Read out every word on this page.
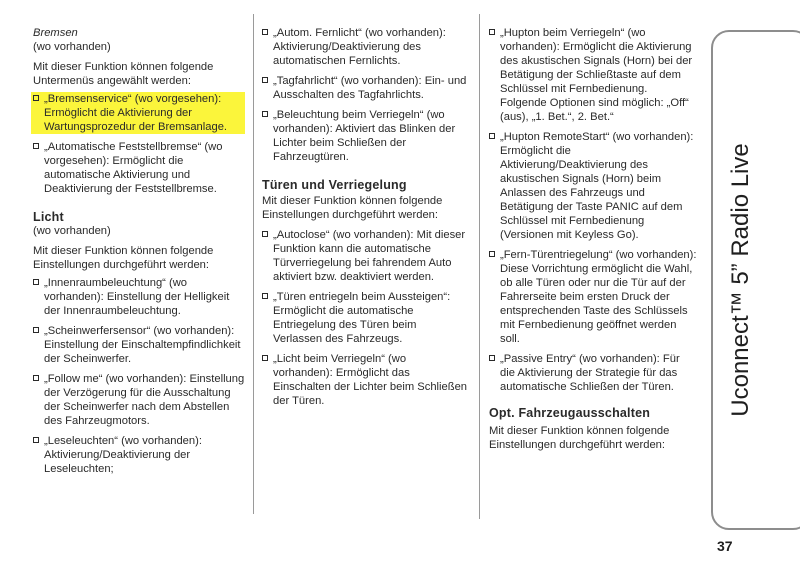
Bremsen
(wo vorhanden)
Mit dieser Funktion können folgende Untermenüs angewählt werden:
„Bremsenservice“ (wo vorgesehen): Ermöglicht die Aktivierung der Wartungsprozedur der Bremsanlage.
„Automatische Feststellbremse“ (wo vorgesehen): Ermöglicht die automatische Aktivierung und Deaktivierung der Feststellbremse.
Licht
(wo vorhanden)
Mit dieser Funktion können folgende Einstellungen durchgeführt werden:
„Innenraumbeleuchtung“ (wo vorhanden): Einstellung der Helligkeit der Innenraumbeleuchtung.
„Scheinwerfersensor“ (wo vorhanden): Einstellung der Einschaltempfindlichkeit der Scheinwerfer.
„Follow me“ (wo vorhanden): Einstellung der Verzögerung für die Ausschaltung der Scheinwerfer nach dem Abstellen des Fahrzeugmotors.
„Leseleuchten“ (wo vorhanden): Aktivierung/Deaktivierung der Leseleuchten;
„Autom. Fernlicht“ (wo vorhanden): Aktivierung/Deaktivierung des automatischen Fernlichts.
„Tagfahrlicht“ (wo vorhanden): Ein- und Ausschalten des Tagfahrlichts.
„Beleuchtung beim Verriegeln“ (wo vorhanden): Aktiviert das Blinken der Lichter beim Schließen der Fahrzeugtüren.
Türen und Verriegelung
Mit dieser Funktion können folgende Einstellungen durchgeführt werden:
„Autoclose“ (wo vorhanden): Mit dieser Funktion kann die automatische Türverriegelung bei fahrendem Auto aktiviert bzw. deaktiviert werden.
„Türen entriegeln beim Aussteigen“: Ermöglicht die automatische Entriegelung des Türen beim Verlassen des Fahrzeugs.
„Licht beim Verriegeln“ (wo vorhanden): Ermöglicht das Einschalten der Lichter beim Schließen der Türen.
„Hupton beim Verriegeln“ (wo vorhanden): Ermöglicht die Aktivierung des akustischen Signals (Horn) bei der Betätigung der Schließtaste auf dem Schlüssel mit Fernbedienung. Folgende Optionen sind möglich: „Off“ (aus), „1. Bet.“, 2. Bet.“
„Hupton RemoteStart“ (wo vorhanden): Ermöglicht die Aktivierung/Deaktivierung des akustischen Signals (Horn) beim Anlassen des Fahrzeugs und Betätigung der Taste PANIC auf dem Schlüssel mit Fernbedienung (Versionen mit Keyless Go).
„Fern-Türentriegelung“ (wo vorhanden): Diese Vorrichtung ermöglicht die Wahl, ob alle Türen oder nur die Tür auf der Fahrerseite beim ersten Druck der entsprechenden Taste des Schlüssels mit Fernbedienung geöffnet werden soll.
„Passive Entry“ (wo vorhanden): Für die Aktivierung der Strategie für das automatische Schließen der Türen.
Opt. Fahrzeugausschalten
Mit dieser Funktion können folgende Einstellungen durchgeführt werden:
Uconnect™ 5” Radio Live
37
